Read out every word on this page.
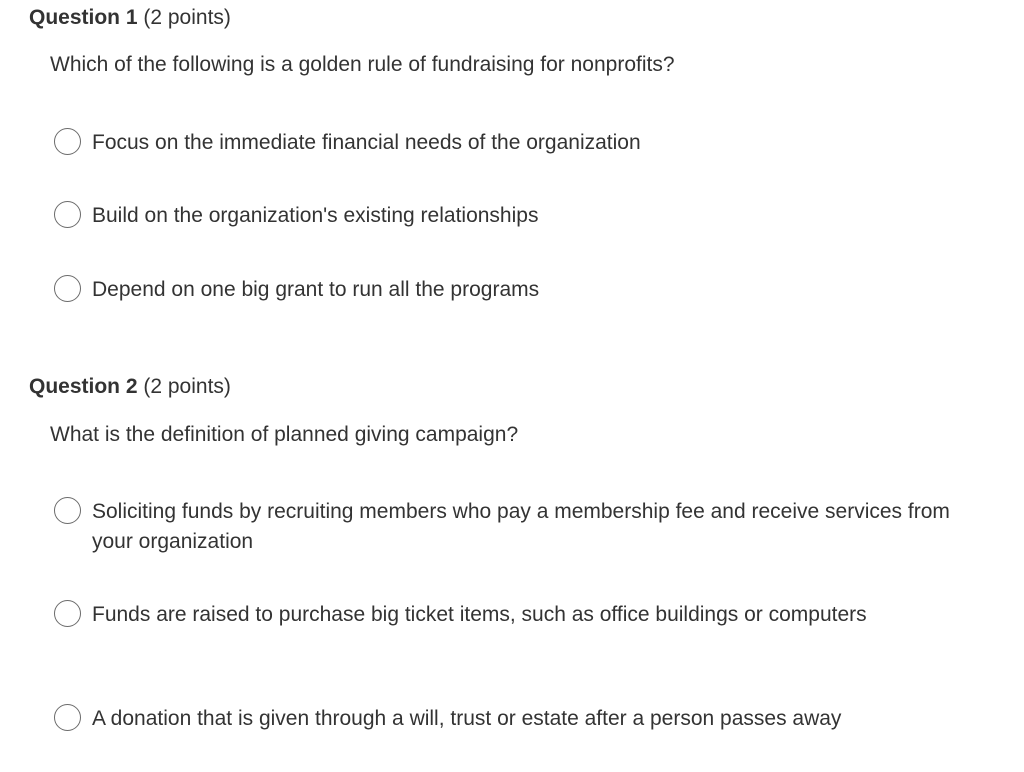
Question 1 (2 points)
Which of the following is a golden rule of fundraising for nonprofits?
Focus on the immediate financial needs of the organization
Build on the organization's existing relationships
Depend on one big grant to run all the programs
Question 2 (2 points)
What is the definition of planned giving campaign?
Soliciting funds by recruiting members who pay a membership fee and receive services from your organization
Funds are raised to purchase big ticket items, such as office buildings or computers
A donation that is given through a will, trust or estate after a person passes away
